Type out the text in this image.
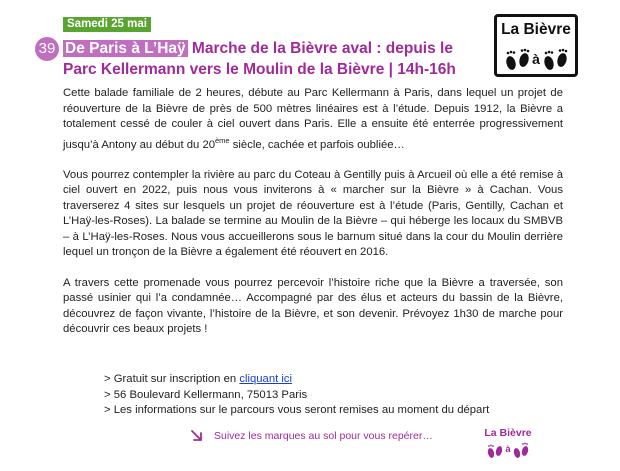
Samedi 25 mai
39 De Paris à L’Haÿ Marche de la Bièvre aval : depuis le Parc Kellermann vers le Moulin de la Bièvre | 14h-16h
La Bièvre
à

Cette balade familiale de 2 heures, débute au Parc Kellermann à Paris, dans lequel un projet de réouverture de la Bièvre de près de 500 mètres linéaires est à l’étude. Depuis 1912, la Bièvre a totalement cessé de couler à ciel ouvert dans Paris. Elle a ensuite été enterrée progressivement jusqu’à Antony au début du 20ème siècle, cachée et parfois oubliée…

Vous pourrez contempler la rivière au parc du Coteau à Gentilly puis à Arcueil où elle a été remise à ciel ouvert en 2022, puis nous vous inviterons à « marcher sur la Bièvre » à Cachan. Vous traverserez 4 sites sur lesquels un projet de réouverture est à l’étude (Paris, Gentilly, Cachan et L’Haÿ-les-Roses). La balade se termine au Moulin de la Bièvre – qui héberge les locaux du SMBVB – à L’Haÿ-les-Roses. Nous vous accueillerons sous le barnum situé dans la cour du Moulin derrière lequel un tronçon de la Bièvre a également été réouvert en 2016.

A travers cette promenade vous pourrez percevoir l’histoire riche que la Bièvre a traversée, son passé usinier qui l’a condamnée… Accompagné par des élus et acteurs du bassin de la Bièvre, découvrez de façon vivante, l’histoire de la Bièvre, et son devenir. Prévoyez 1h30 de marche pour découvrir ces beaux projets !

> Gratuit sur inscription en cliquant ici
> 56 Boulevard Kellermann, 75013 Paris
> Les informations sur le parcours vous seront remises au moment du départ
Suivez les marques au sol pour vous repérer…	La Bièvre
à
